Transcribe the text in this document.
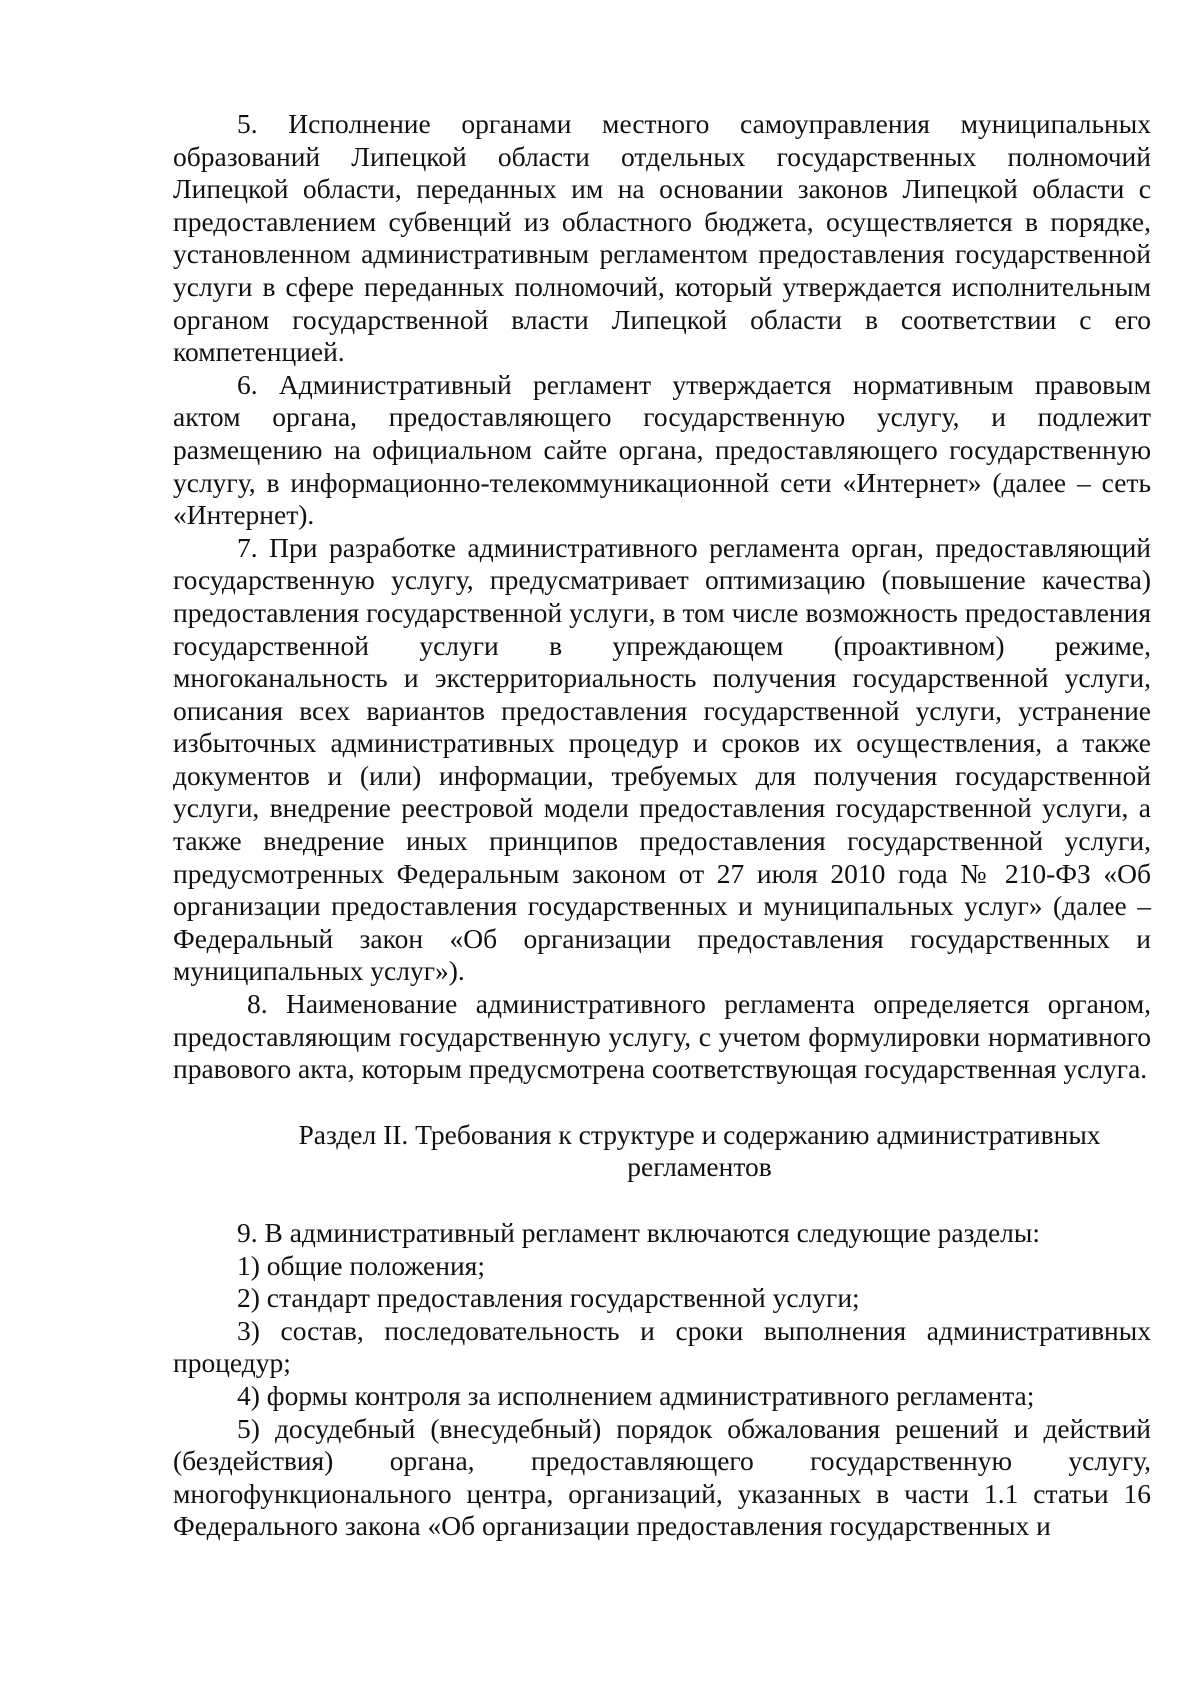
5. Исполнение органами местного самоуправления муниципальных образований Липецкой области отдельных государственных полномочий Липецкой области, переданных им на основании законов Липецкой области с предоставлением субвенций из областного бюджета, осуществляется в порядке, установленном административным регламентом предоставления государственной услуги в сфере переданных полномочий, который утверждается исполнительным органом государственной власти Липецкой области в соответствии с его компетенцией.

6. Административный регламент утверждается нормативным правовым актом органа, предоставляющего государственную услугу, и подлежит размещению на официальном сайте органа, предоставляющего государственную услугу, в информационно-телекоммуникационной сети «Интернет» (далее – сеть «Интернет).

7. При разработке административного регламента орган, предоставляющий государственную услугу, предусматривает оптимизацию (повышение качества) предоставления государственной услуги, в том числе возможность предоставления государственной услуги в упреждающем (проактивном) режиме, многоканальность и экстерриториальность получения государственной услуги, описания всех вариантов предоставления государственной услуги, устранение избыточных административных процедур и сроков их осуществления, а также документов и (или) информации, требуемых для получения государственной услуги, внедрение реестровой модели предоставления государственной услуги, а также внедрение иных принципов предоставления государственной услуги, предусмотренных Федеральным законом от 27 июля 2010 года № 210-ФЗ «Об организации предоставления государственных и муниципальных услуг» (далее – Федеральный закон «Об организации предоставления государственных и муниципальных услуг»).

8. Наименование административного регламента определяется органом, предоставляющим государственную услугу, с учетом формулировки нормативного правового акта, которым предусмотрена соответствующая государственная услуга.

Раздел II. Требования к структуре и содержанию административных
регламентов

9. В административный регламент включаются следующие разделы:

1) общие положения;

2) стандарт предоставления государственной услуги;

3) состав, последовательность и сроки выполнения административных процедур;

4) формы контроля за исполнением административного регламента;

5) досудебный (внесудебный) порядок обжалования решений и действий (бездействия) органа, предоставляющего государственную услугу, многофункционального центра, организаций, указанных в части 1.1 статьи 16 Федерального закона «Об организации предоставления государственных и
